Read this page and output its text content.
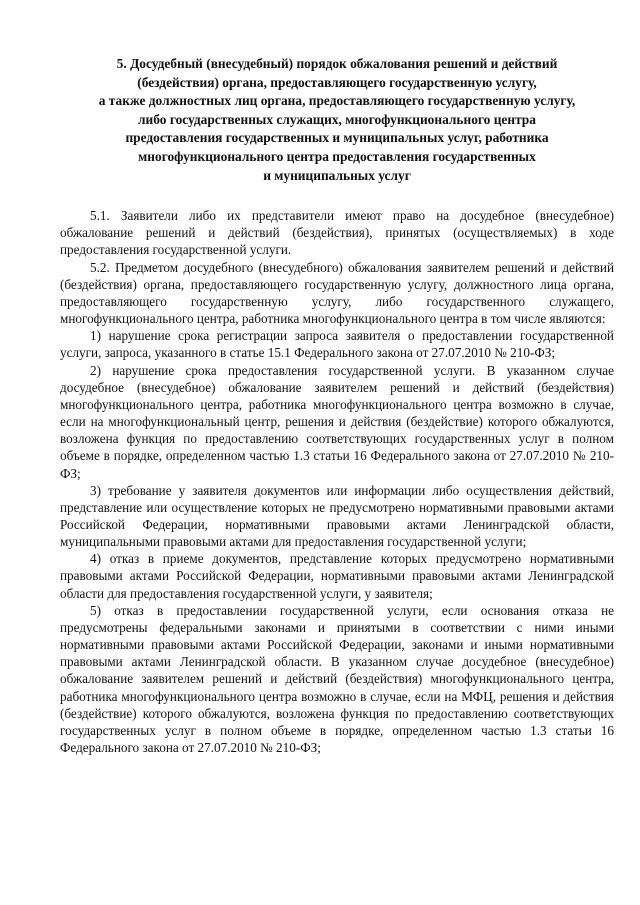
5. Досудебный (внесудебный) порядок обжалования решений и действий
(бездействия) органа, предоставляющего государственную услугу,
а также должностных лиц органа, предоставляющего государственную услугу,
либо государственных служащих, многофункционального центра
предоставления государственных и муниципальных услуг, работника
многофункционального центра предоставления государственных
и муниципальных услуг

5.1. Заявители либо их представители имеют право на досудебное (внесудебное) обжалование решений и действий (бездействия), принятых (осуществляемых) в ходе предоставления государственной услуги.

5.2. Предметом досудебного (внесудебного) обжалования заявителем решений и действий (бездействия) органа, предоставляющего государственную услугу, должностного лица органа, предоставляющего государственную услугу, либо государственного служащего, многофункционального центра, работника многофункционального центра в том числе являются:

1) нарушение срока регистрации запроса заявителя о предоставлении государственной услуги, запроса, указанного в статье 15.1 Федерального закона от 27.07.2010 № 210-ФЗ;

2) нарушение срока предоставления государственной услуги. В указанном случае досудебное (внесудебное) обжалование заявителем решений и действий (бездействия) многофункционального центра, работника многофункционального центра возможно в случае, если на многофункциональный центр, решения и действия (бездействие) которого обжалуются, возложена функция по предоставлению соответствующих государственных услуг в полном объеме в порядке, определенном частью 1.3 статьи 16 Федерального закона от 27.07.2010 № 210-ФЗ;

3) требование у заявителя документов или информации либо осуществления действий, представление или осуществление которых не предусмотрено нормативными правовыми актами Российской Федерации, нормативными правовыми актами Ленинградской области, муниципальными правовыми актами для предоставления государственной услуги;

4) отказ в приеме документов, представление которых предусмотрено нормативными правовыми актами Российской Федерации, нормативными правовыми актами Ленинградской области для предоставления государственной услуги, у заявителя;

5) отказ в предоставлении государственной услуги, если основания отказа не предусмотрены федеральными законами и принятыми в соответствии с ними иными нормативными правовыми актами Российской Федерации, законами и иными нормативными правовыми актами Ленинградской области. В указанном случае досудебное (внесудебное) обжалование заявителем решений и действий (бездействия) многофункционального центра, работника многофункционального центра возможно в случае, если на МФЦ, решения и действия (бездействие) которого обжалуются, возложена функция по предоставлению соответствующих государственных услуг в полном объеме в порядке, определенном частью 1.3 статьи 16 Федерального закона от 27.07.2010 № 210-ФЗ;
